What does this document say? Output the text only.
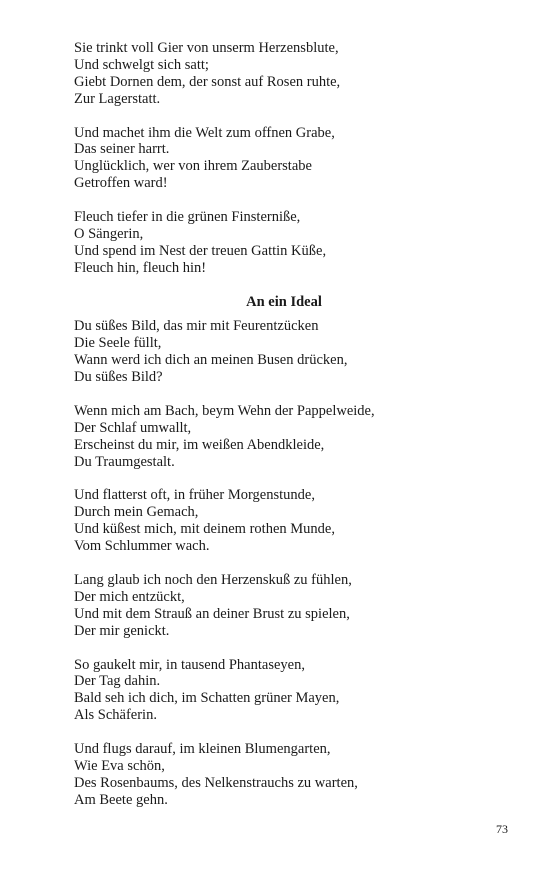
Sie trinkt voll Gier von unserm Herzensblute,
Und schwelgt sich satt;
Giebt Dornen dem, der sonst auf Rosen ruhte,
Zur Lagerstatt.
Und machet ihm die Welt zum offnen Grabe,
Das seiner harrt.
Unglücklich, wer von ihrem Zauberstabe
Getroffen ward!
Fleuch tiefer in die grünen Finsterniße,
O Sängerin,
Und spend im Nest der treuen Gattin Küße,
Fleuch hin, fleuch hin!
An ein Ideal
Du süßes Bild, das mir mit Feurentzücken
Die Seele füllt,
Wann werd ich dich an meinen Busen drücken,
Du süßes Bild?
Wenn mich am Bach, beym Wehn der Pappelweide,
Der Schlaf umwallt,
Erscheinst du mir, im weißen Abendkleide,
Du Traumgestalt.
Und flatterst oft, in früher Morgenstunde,
Durch mein Gemach,
Und küßest mich, mit deinem rothen Munde,
Vom Schlummer wach.
Lang glaub ich noch den Herzenskuß zu fühlen,
Der mich entzückt,
Und mit dem Strauß an deiner Brust zu spielen,
Der mir genickt.
So gaukelt mir, in tausend Phantaseyen,
Der Tag dahin.
Bald seh ich dich, im Schatten grüner Mayen,
Als Schäferin.
Und flugs darauf, im kleinen Blumengarten,
Wie Eva schön,
Des Rosenbaums, des Nelkenstrauchs zu warten,
Am Beete gehn.
73
